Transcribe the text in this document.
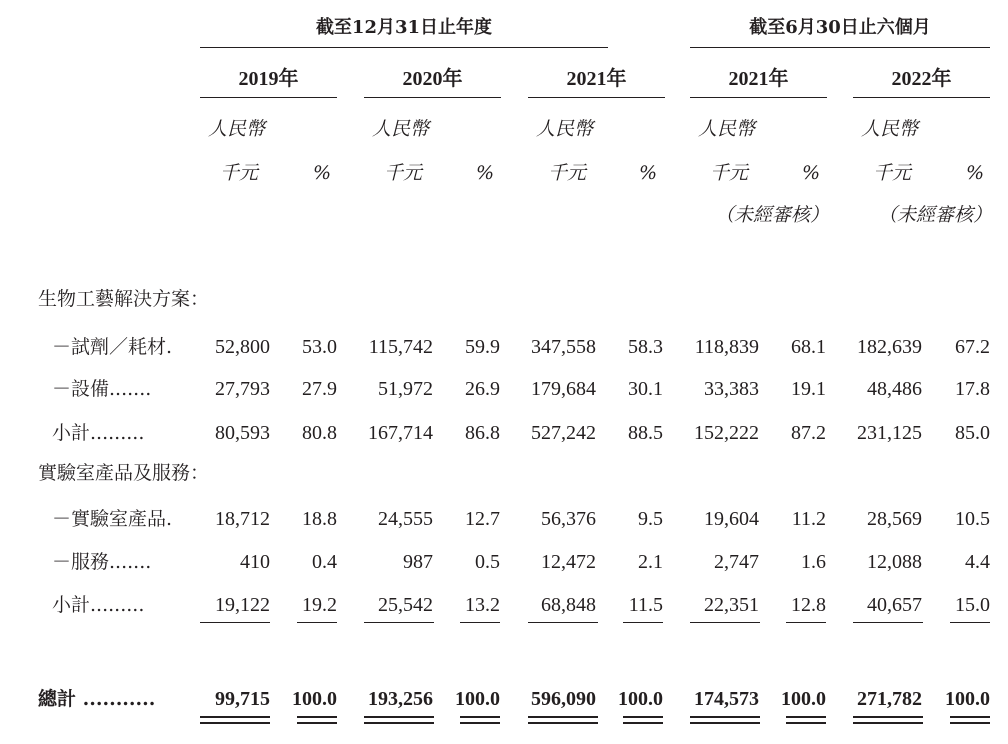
截至12月31日止年度	截至6月30日止六個月
2019年
人民幣
千元	%
2020年
人民幣
千元	%
2021年
人民幣
千元	%
2021年
人民幣
千元	%
（未經審核）
2022年
人民幣
千元	%
（未經審核）
生物工藝解決方案：
－試劑／耗材.	52,800	53.0	115,742	59.9	347,558	58.3	118,839	68.1	182,639	67.2
－設備.......	27,793	27.9	51,972	26.9	179,684	30.1	33,383	19.1	48,486	17.8
小計.........	80,593	80.8	167,714	86.8	527,242	88.5	152,222	87.2	231,125	85.0
實驗室產品及服務：
－實驗室產品.	18,712	18.8	24,555	12.7	56,376	9.5	19,604	11.2	28,569	10.5
－服務.......	410	0.4	987	0.5	12,472	2.1	2,747	1.6	12,088	4.4
小計.........	19,122	19.2	25,542	13.2	68,848	11.5	22,351	12.8	40,657	15.0
總計 ...........	99,715	100.0	193,256	100.0	596,090	100.0	174,573	100.0	271,782	100.0
